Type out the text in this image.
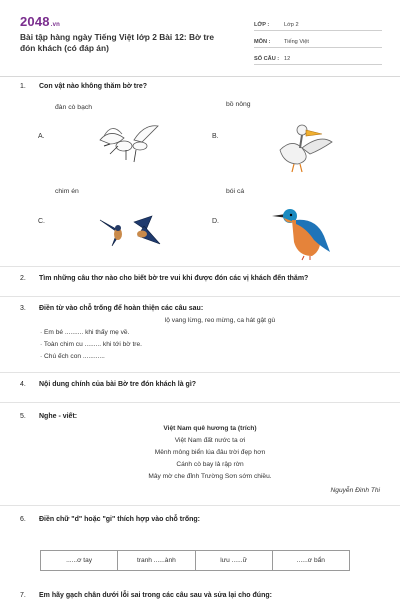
2048.vn
Bài tập hàng ngày Tiếng Việt lớp 2 Bài 12: Bờ tre đón khách (có đáp án)
LỚP :	Lớp 2
MÔN :	Tiếng Việt
SỐ CÂU : 12
1. Con vật nào không thăm bờ tre?
đàn cò bạch
A.
bồ nông
B.
chim én
C.
bói cá
D.
2. Tìm những câu thơ nào cho biết bờ tre vui khi được đón các vị khách đến thăm?
3. Điền từ vào chỗ trống để hoàn thiện các câu sau:
lộ vang lừng, reo mừng, ca hát gật gù
· Em bé .......... khi thấy mẹ về.
· Toàn chim cu ......... khi tới bờ tre.
· Chú ếch con ............
4. Nội dung chính của bài Bờ tre đón khách là gì?
5. Nghe - viết:
Việt Nam quê hương ta (trích)
Việt Nam đất nước ta ơi
Mênh mông biển lúa đâu trời đẹp hơn
Cánh cò bay lả rập rờn
Mây mờ che đỉnh Trường Sơn sớm chiều.
Nguyễn Đình Thi
6. Điền chữ "d" hoặc "gi" thích hợp vào chỗ trống:
......ơ tay	tranh ......ành	lưu ......ữ	......ơ bẩn
7. Em hãy gạch chân dưới lỗi sai trong các câu sau và sửa lại cho đúng:
